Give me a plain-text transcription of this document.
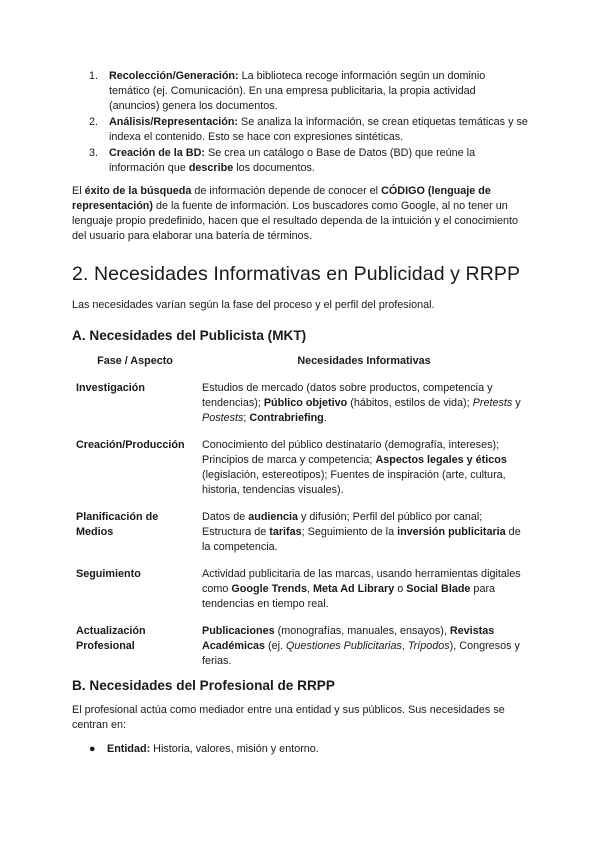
1. Recolección/Generación: La biblioteca recoge información según un dominio temático (ej. Comunicación). En una empresa publicitaria, la propia actividad (anuncios) genera los documentos.
2. Análisis/Representación: Se analiza la información, se crean etiquetas temáticas y se indexa el contenido. Esto se hace con expresiones sintéticas.
3. Creación de la BD: Se crea un catálogo o Base de Datos (BD) que reúne la información que describe los documentos.

El éxito de la búsqueda de información depende de conocer el CÓDIGO (lenguaje de representación) de la fuente de información. Los buscadores como Google, al no tener un lenguaje propio predefinido, hacen que el resultado dependa de la intuición y el conocimiento del usuario para elaborar una batería de términos.

2. Necesidades Informativas en Publicidad y RRPP

Las necesidades varían según la fase del proceso y el perfil del profesional.

A. Necesidades del Publicista (MKT)
Fase / Aspecto	Necesidades Informativas
Investigación	Estudios de mercado (datos sobre productos, competencia y tendencias); Público objetivo (hábitos, estilos de vida); Pretests y Postests; Contrabriefing.
Creación/Producción	Conocimiento del público destinatario (demografía, intereses); Principios de marca y competencia; Aspectos legales y éticos (legislación, estereotipos); Fuentes de inspiración (arte, cultura, historia, tendencias visuales).
Planificación de Medios	Datos de audiencia y difusión; Perfil del público por canal; Estructura de tarifas; Seguimiento de la inversión publicitaria de la competencia.
Seguimiento	Actividad publicitaria de las marcas, usando herramientas digitales como Google Trends, Meta Ad Library o Social Blade para tendencias en tiempo real.
Actualización Profesional	Publicaciones (monografías, manuales, ensayos), Revistas Académicas (ej. Questiones Publicitarias, Trípodos), Congresos y ferias.
B. Necesidades del Profesional de RRPP

El profesional actúa como mediador entre una entidad y sus públicos. Sus necesidades se centran en:

● Entidad: Historia, valores, misión y entorno.
